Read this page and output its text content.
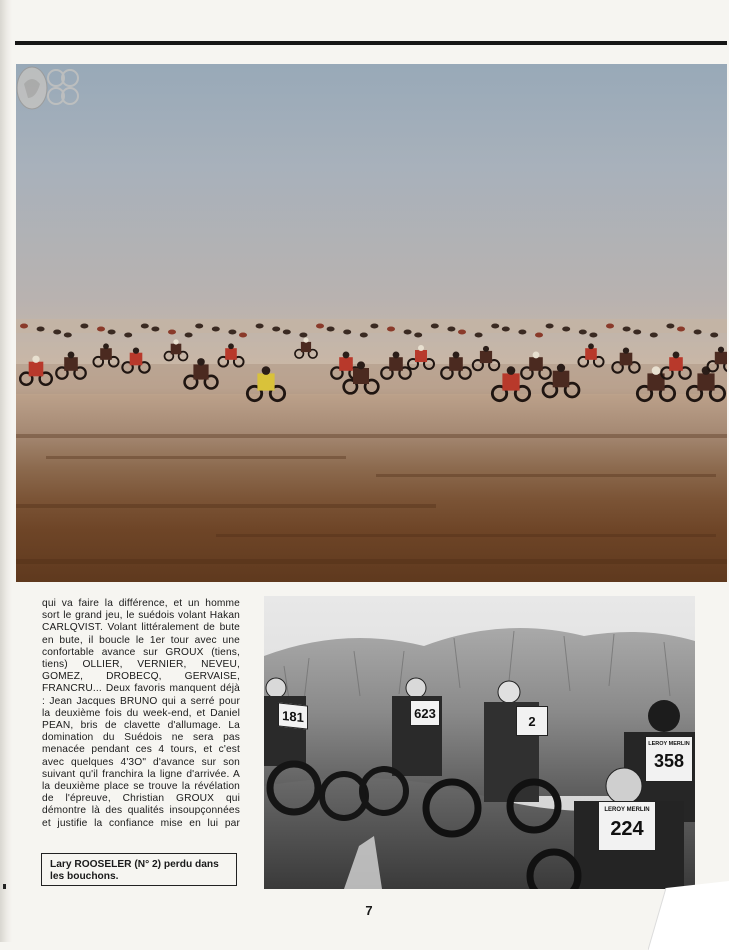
qui va faire la différence, et un homme sort le grand jeu, le suédois volant Hakan CARLQVIST. Volant littéralement de bute en bute, il boucle le 1er tour avec une confortable avance sur GROUX (tiens, tiens) OLLIER, VERNIER, NEVEU, GOMEZ, DROBECQ, GERVAISE, FRANCRU... Deux favoris manquent déjà : Jean Jacques BRUNO qui a serré pour la deuxième fois du week-end, et Daniel PEAN, bris de clavette d'allumage. La domination du Suédois ne sera pas menacée pendant ces 4 tours, et c'est avec quelques 4'3O" d'avance sur son suivant qu'il franchira la ligne d'arrivée. A la deuxième place se trouve la révélation de l'épreuve, Christian GROUX qui démontre là des qualités insoupçonnées et justifie la confiance mise en lui par

Lary ROOSELER (N° 2) perdu dans les bouchons.
181	623
2
LEROY MERLIN
358
LEROY MERLIN
224
7
